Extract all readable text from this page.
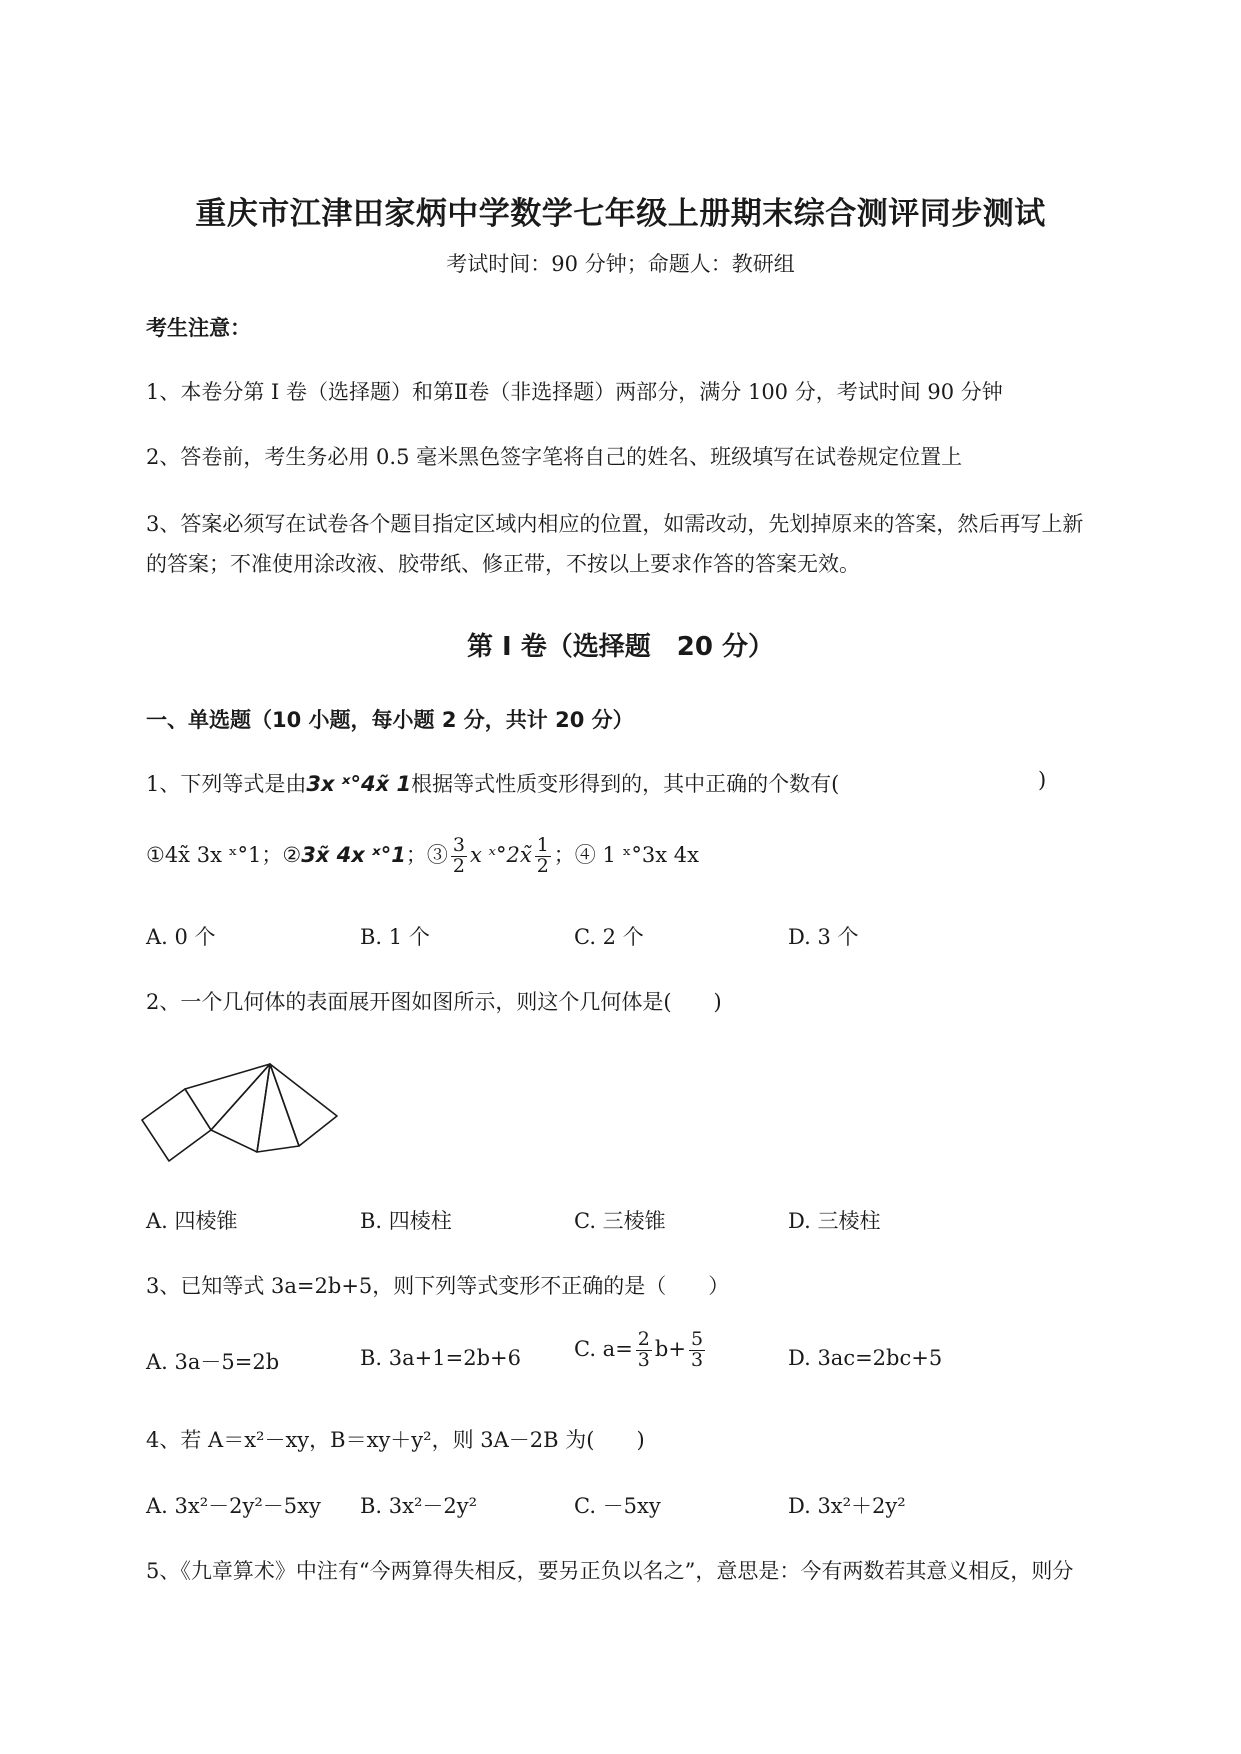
重庆市江津田家炳中学数学七年级上册期末综合测评同步测试
考试时间：90 分钟；命题人：教研组
考生注意：
1、本卷分第 I 卷（选择题）和第Ⅱ卷（非选择题）两部分，满分 100 分，考试时间 90 分钟
2、答卷前，考生务必用 0.5 毫米黑色签字笔将自己的姓名、班级填写在试卷规定位置上
3、答案必须写在试卷各个题目指定区域内相应的位置，如需改动，先划掉原来的答案，然后再写上新
的答案；不准使用涂改液、胶带纸、修正带，不按以上要求作答的答案无效。
第 I 卷（选择题　20 分）
一、单选题（10 小题，每小题 2 分，共计 20 分）
1、下列等式是由3x ˣ°4x̃ 1根据等式性质变形得到的，其中正确的个数有(	)
①4x̃ 3x ˣ°1；②3x̃ 4x ˣ°1；③ $\frac{3}{2}$ x ˣ°2x̃ $\frac{1}{2}$ ；④ 1 ˣ°3x 4x
A. 0 个	B. 1 个	C. 2 个	D. 3 个
2、一个几何体的表面展开图如图所示，则这个几何体是(　　)
A. 四棱锥	B. 四棱柱	C. 三棱锥	D. 三棱柱
3、已知等式 3a=2b+5，则下列等式变形不正确的是（　　）
A. 3a－5=2b	B. 3a+1=2b+6	C. $a= \frac{2}{3} b+ \frac{5}{3}$	D. 3ac=2bc+5
4、若 A＝x²－xy，B＝xy＋y²，则 3A－2B 为(　　)
A. 3x²－2y²－5xy B. 3x²－2y²	C. －5xy	D. 3x²＋2y²
5、《九章算术》中注有“今两算得失相反，要另正负以名之”，意思是：今有两数若其意义相反，则分
